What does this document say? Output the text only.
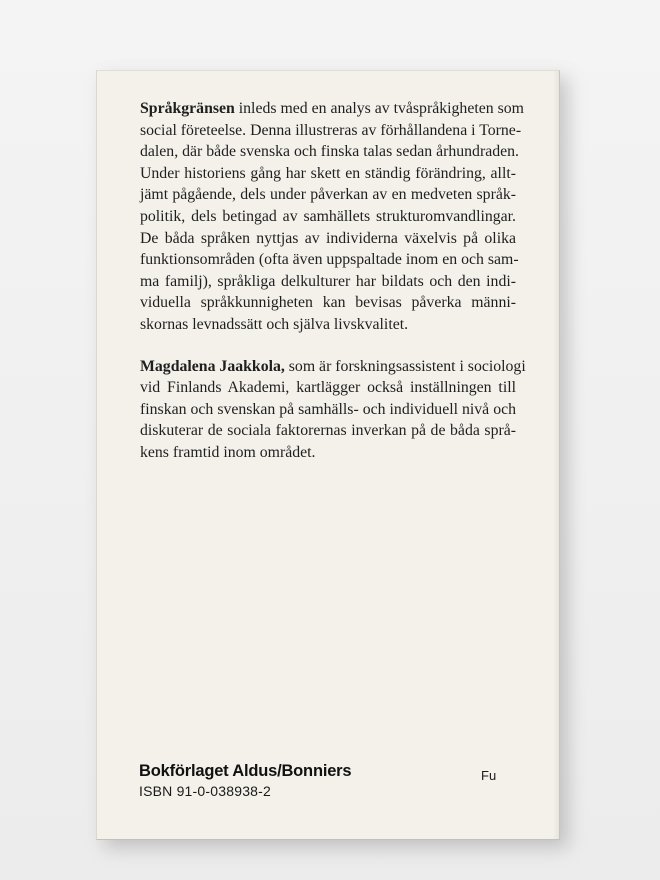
Språkgränsen inleds med en analys av tvåspråkigheten som
social företeelse. Denna illustreras av förhållandena i Torne-
dalen, där både svenska och finska talas sedan århundraden.
Under historiens gång har skett en ständig förändring, allt-
jämt pågående, dels under påverkan av en medveten språk-
politik, dels betingad av samhällets strukturomvandlingar.
De båda språken nyttjas av individerna växelvis på olika
funktionsområden (ofta även uppspaltade inom en och sam-
ma familj), språkliga delkulturer har bildats och den indi-
viduella språkkunnigheten kan bevisas påverka männi-
skornas levnadssätt och själva livskvalitet.

Magdalena Jaakkola, som är forskningsassistent i sociologi
vid Finlands Akademi, kartlägger också inställningen till
finskan och svenskan på samhälls- och individuell nivå och
diskuterar de sociala faktorernas inverkan på de båda språ-
kens framtid inom området.

Bokförlaget Aldus/Bonniers
ISBN 91-0-038938-2
Fu
